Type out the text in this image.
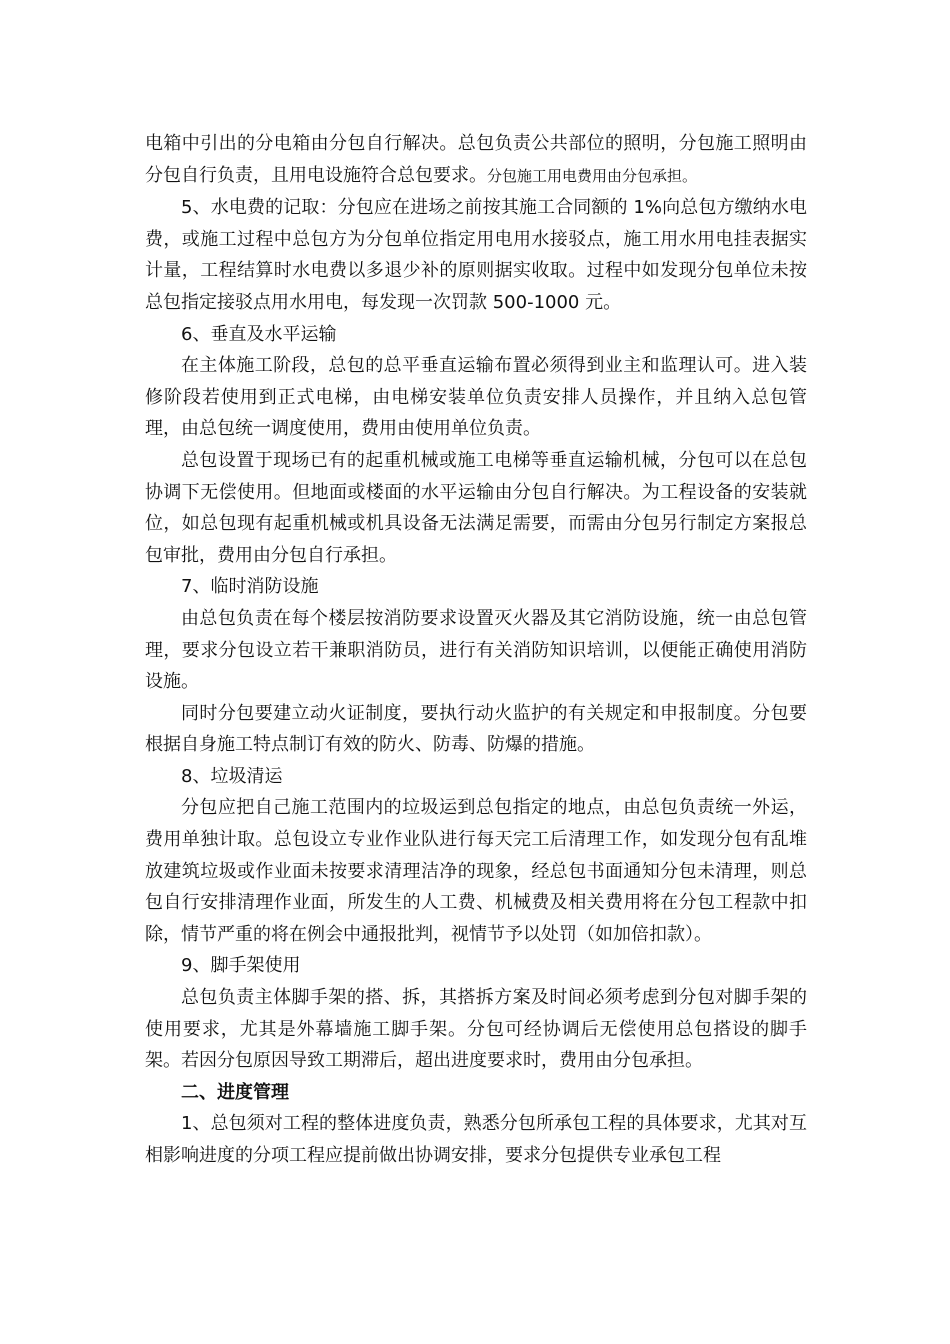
电箱中引出的分电箱由分包自行解决。总包负责公共部位的照明，分包施工照明由分包自行负责，且用电设施符合总包要求。分包施工用电费用由分包承担。

5、水电费的记取：分包应在进场之前按其施工合同额的 1%向总包方缴纳水电费，或施工过程中总包方为分包单位指定用电用水接驳点，施工用水用电挂表据实计量，工程结算时水电费以多退少补的原则据实收取。过程中如发现分包单位未按总包指定接驳点用水用电，每发现一次罚款 500-1000 元。

6、垂直及水平运输

在主体施工阶段，总包的总平垂直运输布置必须得到业主和监理认可。进入装修阶段若使用到正式电梯，由电梯安装单位负责安排人员操作，并且纳入总包管理，由总包统一调度使用，费用由使用单位负责。

总包设置于现场已有的起重机械或施工电梯等垂直运输机械，分包可以在总包协调下无偿使用。但地面或楼面的水平运输由分包自行解决。为工程设备的安装就位，如总包现有起重机械或机具设备无法满足需要，而需由分包另行制定方案报总包审批，费用由分包自行承担。

7、临时消防设施

由总包负责在每个楼层按消防要求设置灭火器及其它消防设施，统一由总包管理，要求分包设立若干兼职消防员，进行有关消防知识培训，以便能正确使用消防设施。

同时分包要建立动火证制度，要执行动火监护的有关规定和申报制度。分包要根据自身施工特点制订有效的防火、防毒、防爆的措施。

8、垃圾清运

分包应把自己施工范围内的垃圾运到总包指定的地点，由总包负责统一外运，费用单独计取。总包设立专业作业队进行每天完工后清理工作，如发现分包有乱堆放建筑垃圾或作业面未按要求清理洁净的现象，经总包书面通知分包未清理，则总包自行安排清理作业面，所发生的人工费、机械费及相关费用将在分包工程款中扣除，情节严重的将在例会中通报批判，视情节予以处罚（如加倍扣款）。

9、脚手架使用

总包负责主体脚手架的搭、拆，其搭拆方案及时间必须考虑到分包对脚手架的使用要求，尤其是外幕墙施工脚手架。分包可经协调后无偿使用总包搭设的脚手架。若因分包原因导致工期滞后，超出进度要求时，费用由分包承担。

二、进度管理

1、总包须对工程的整体进度负责，熟悉分包所承包工程的具体要求，尤其对互相影响进度的分项工程应提前做出协调安排，要求分包提供专业承包工程
